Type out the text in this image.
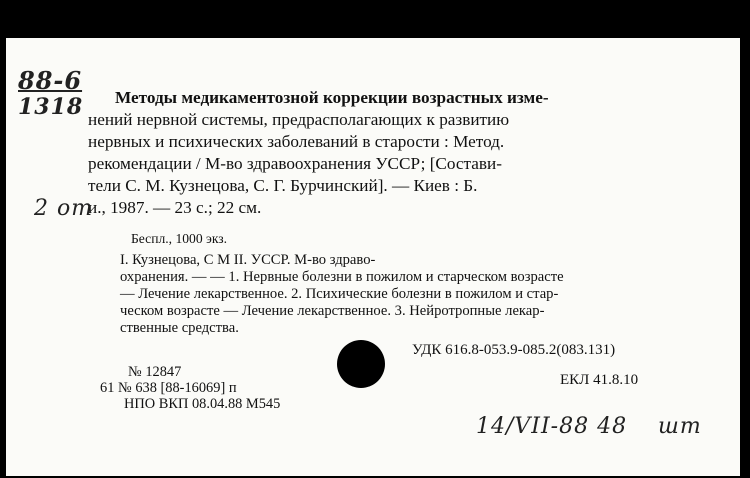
88-6
1318 Методы медикаментозной коррекции возрастных изме-
нений нервной системы, предрасполагающих к развитию
нервных и психических заболеваний в старости : Метод.
рекомендации / М-во здравоохранения УССР; [Состави-
тели С. М. Кузнецова, С. Г. Бурчинский]. — Киев : Б.
и., 1987. — 23 с.; 22 см.
2 от
Беспл., 1000 экз.
I. Кузнецова, С М II. УССР. М-во здраво-
охранения. — — 1. Нервные болезни в пожилом и старческом возрасте
— Лечение лекарственное. 2. Психические болезни в пожилом и стар-
ческом возрасте — Лечение лекарственное. 3. Нейротропные лекар-
ственные средства.
УДК 616.8-053.9-085.2(083.131)
№ 12847
61 № 638 [88-16069] п
НПО ВКП 08.04.88 М545
ЕКЛ 41.8.10
14/VII-88 48 шт
